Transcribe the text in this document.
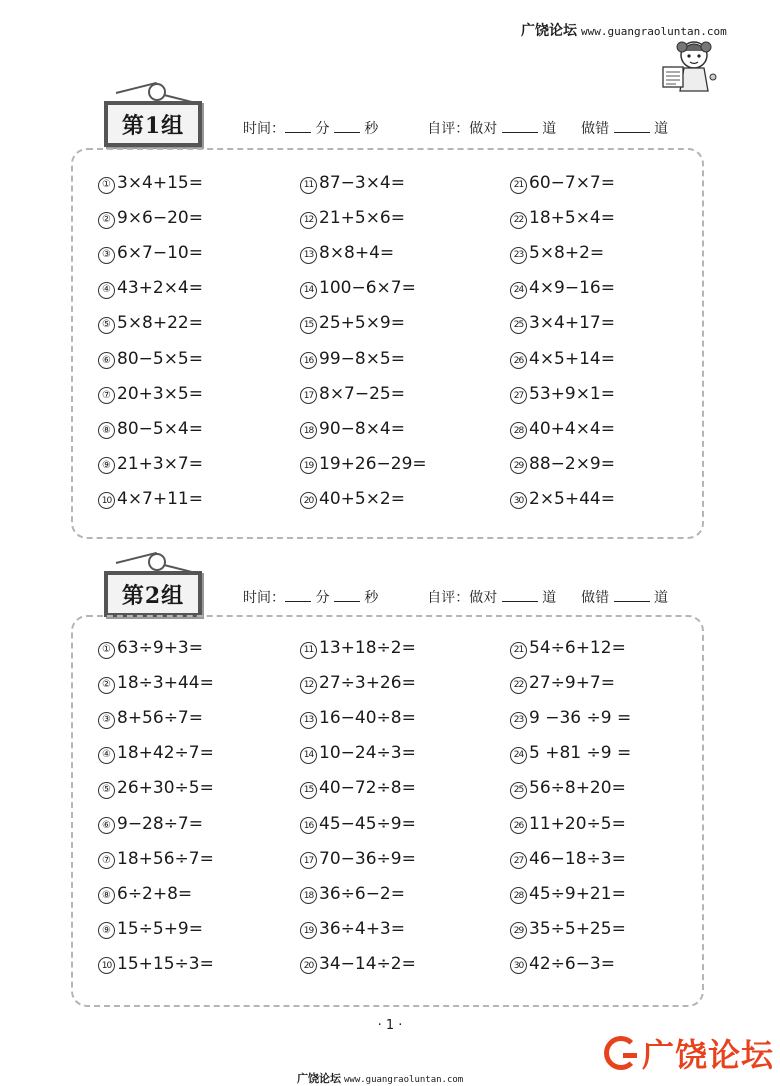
广饶论坛 www.guangraoluntan.com
第1组	时间： 分 秒	自评：做对	道 做错	道
① 3×4+15=
② 9×6−20=
③ 6×7−10=
④ 43+2×4=
⑤ 5×8+22=
⑥ 80−5×5=
⑦ 20+3×5=
⑧ 80−5×4=
⑨ 21+3×7=
10 4×7+11=
11 87−3×4=
12 21+5×6=
13 8×8+4=
14 100−6×7=
15 25+5×9=
16 99−8×5=
17 8×7−25=
18 90−8×4=
19 19+26−29=
20 40+5×2=
21 60−7×7=
22 18+5×4=
23 5×8+2=
24 4×9−16=
25 3×4+17=
26 4×5+14=
27 53+9×1=
28 40+4×4=
29 88−2×9=
30 2×5+44=
第2组	时间： 分 秒	自评：做对	道 做错	道
① 63÷9+3=
② 18÷3+44=
③ 8+56÷7=
④ 18+42÷7=
⑤ 26+30÷5=
⑥ 9−28÷7=
⑦ 18+56÷7=
⑧ 6÷2+8=
⑨ 15÷5+9=
10 15+15÷3=
11 13+18÷2=
12 27÷3+26=
13 16−40÷8=
14 10−24÷3=
15 40−72÷8=
16 45−45÷9=
17 70−36÷9=
18 36÷6−2=
19 36÷4+3=
20 34−14÷2=
21 54÷6+12=
22 27÷9+7=
23 9 −36 ÷9 =
24 5 +81 ÷9 =
25 56÷8+20=
26 11+20÷5=
27 46−18÷3=
28 45÷9+21=
29 35÷5+25=
30 42÷6−3=
· 1 ·
广饶论坛 www.guangraoluntan.com
广饶论坛
